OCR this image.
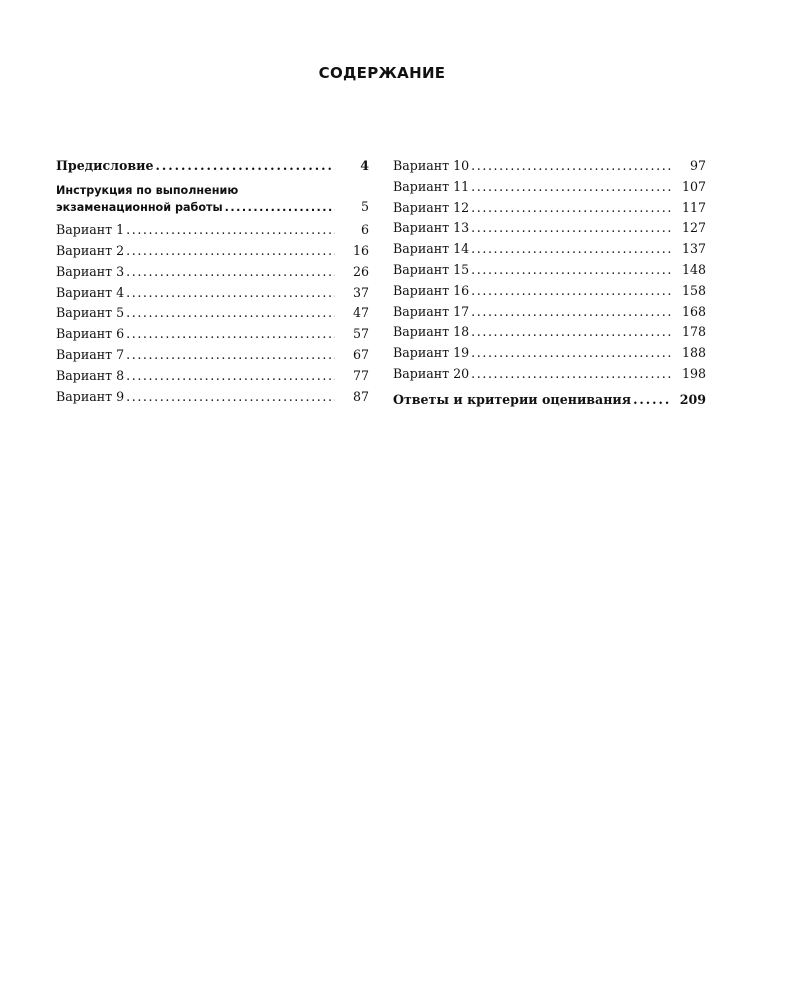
СОДЕРЖАНИЕ
Предисловие . . .	4
Инструкция по выполнению
экзаменационной работы . . .	5
Вариант 1 . . .	6
Вариант 2 . . .	16
Вариант 3 . . .	26
Вариант 4 . . .	37
Вариант 5 . . .	47
Вариант 6 . . .	57
Вариант 7 . . .	67
Вариант 8 . . .	77
Вариант 9 . . .	87
Вариант 10 . . .	97
Вариант 11 . . .	107
Вариант 12 . . .	117
Вариант 13 . . .	127
Вариант 14 . . .	137
Вариант 15 . . .	148
Вариант 16 . . .	158
Вариант 17 . . .	168
Вариант 18 . . .	178
Вариант 19 . . .	188
Вариант 20 . . .	198
Ответы и критерии оценивания . . .	209
